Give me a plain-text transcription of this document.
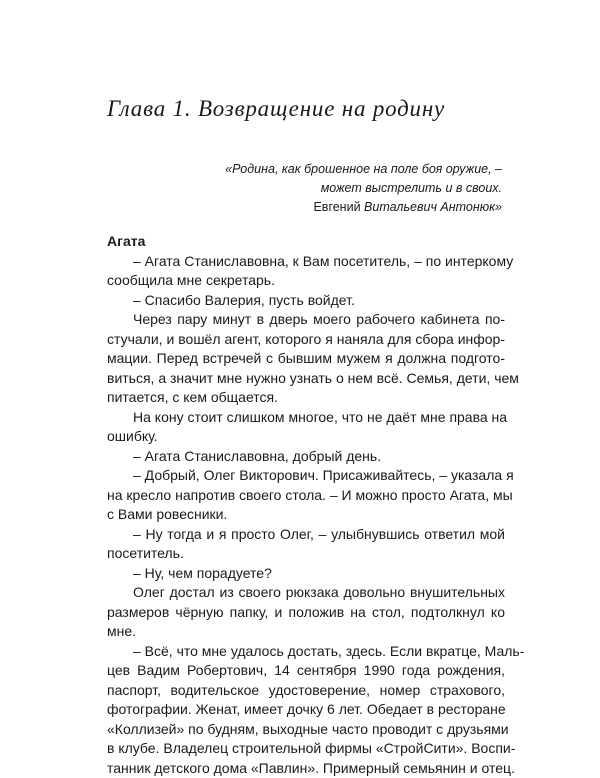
Глава 1. Возвращение на родину
«Родина, как брошенное на поле боя оружие, –
может выстрелить и в своих.
Евгений Витальевич Антонюк»

Агата

– Агата Станиславовна, к Вам посетитель, – по интеркому
сообщила мне секретарь.

– Спасибо Валерия, пусть войдет.

Через пару минут в дверь моего рабочего кабинета по-
стучали, и вошёл агент, которого я наняла для сбора инфор-
мации. Перед встречей с бывшим мужем я должна подгото-
виться, а значит мне нужно узнать о нем всё. Семья, дети, чем
питается, с кем общается.

На кону стоит слишком многое, что не даёт мне права на
ошибку.

– Агата Станиславовна, добрый день.

– Добрый, Олег Викторович. Присаживайтесь, – указала я
на кресло напротив своего стола. – И можно просто Агата, мы
с Вами ровесники.

– Ну тогда и я просто Олег, – улыбнувшись ответил мой
посетитель.

– Ну, чем порадуете?

Олег достал из своего рюкзака довольно внушительных
размеров чёрную папку, и положив на стол, подтолкнул ко
мне.

– Всё, что мне удалось достать, здесь. Если вкратце, Маль-
цев Вадим Робертович, 14 сентября 1990 года рождения,
паспорт, водительское удостоверение, номер страхового,
фотографии. Женат, имеет дочку 6 лет. Обедает в ресторане
«Коллизей» по будням, выходные часто проводит с друзьями
в клубе. Владелец строительной фирмы «СтройСити». Воспи-
танник детского дома «Павлин». Примерный семьянин и отец.
